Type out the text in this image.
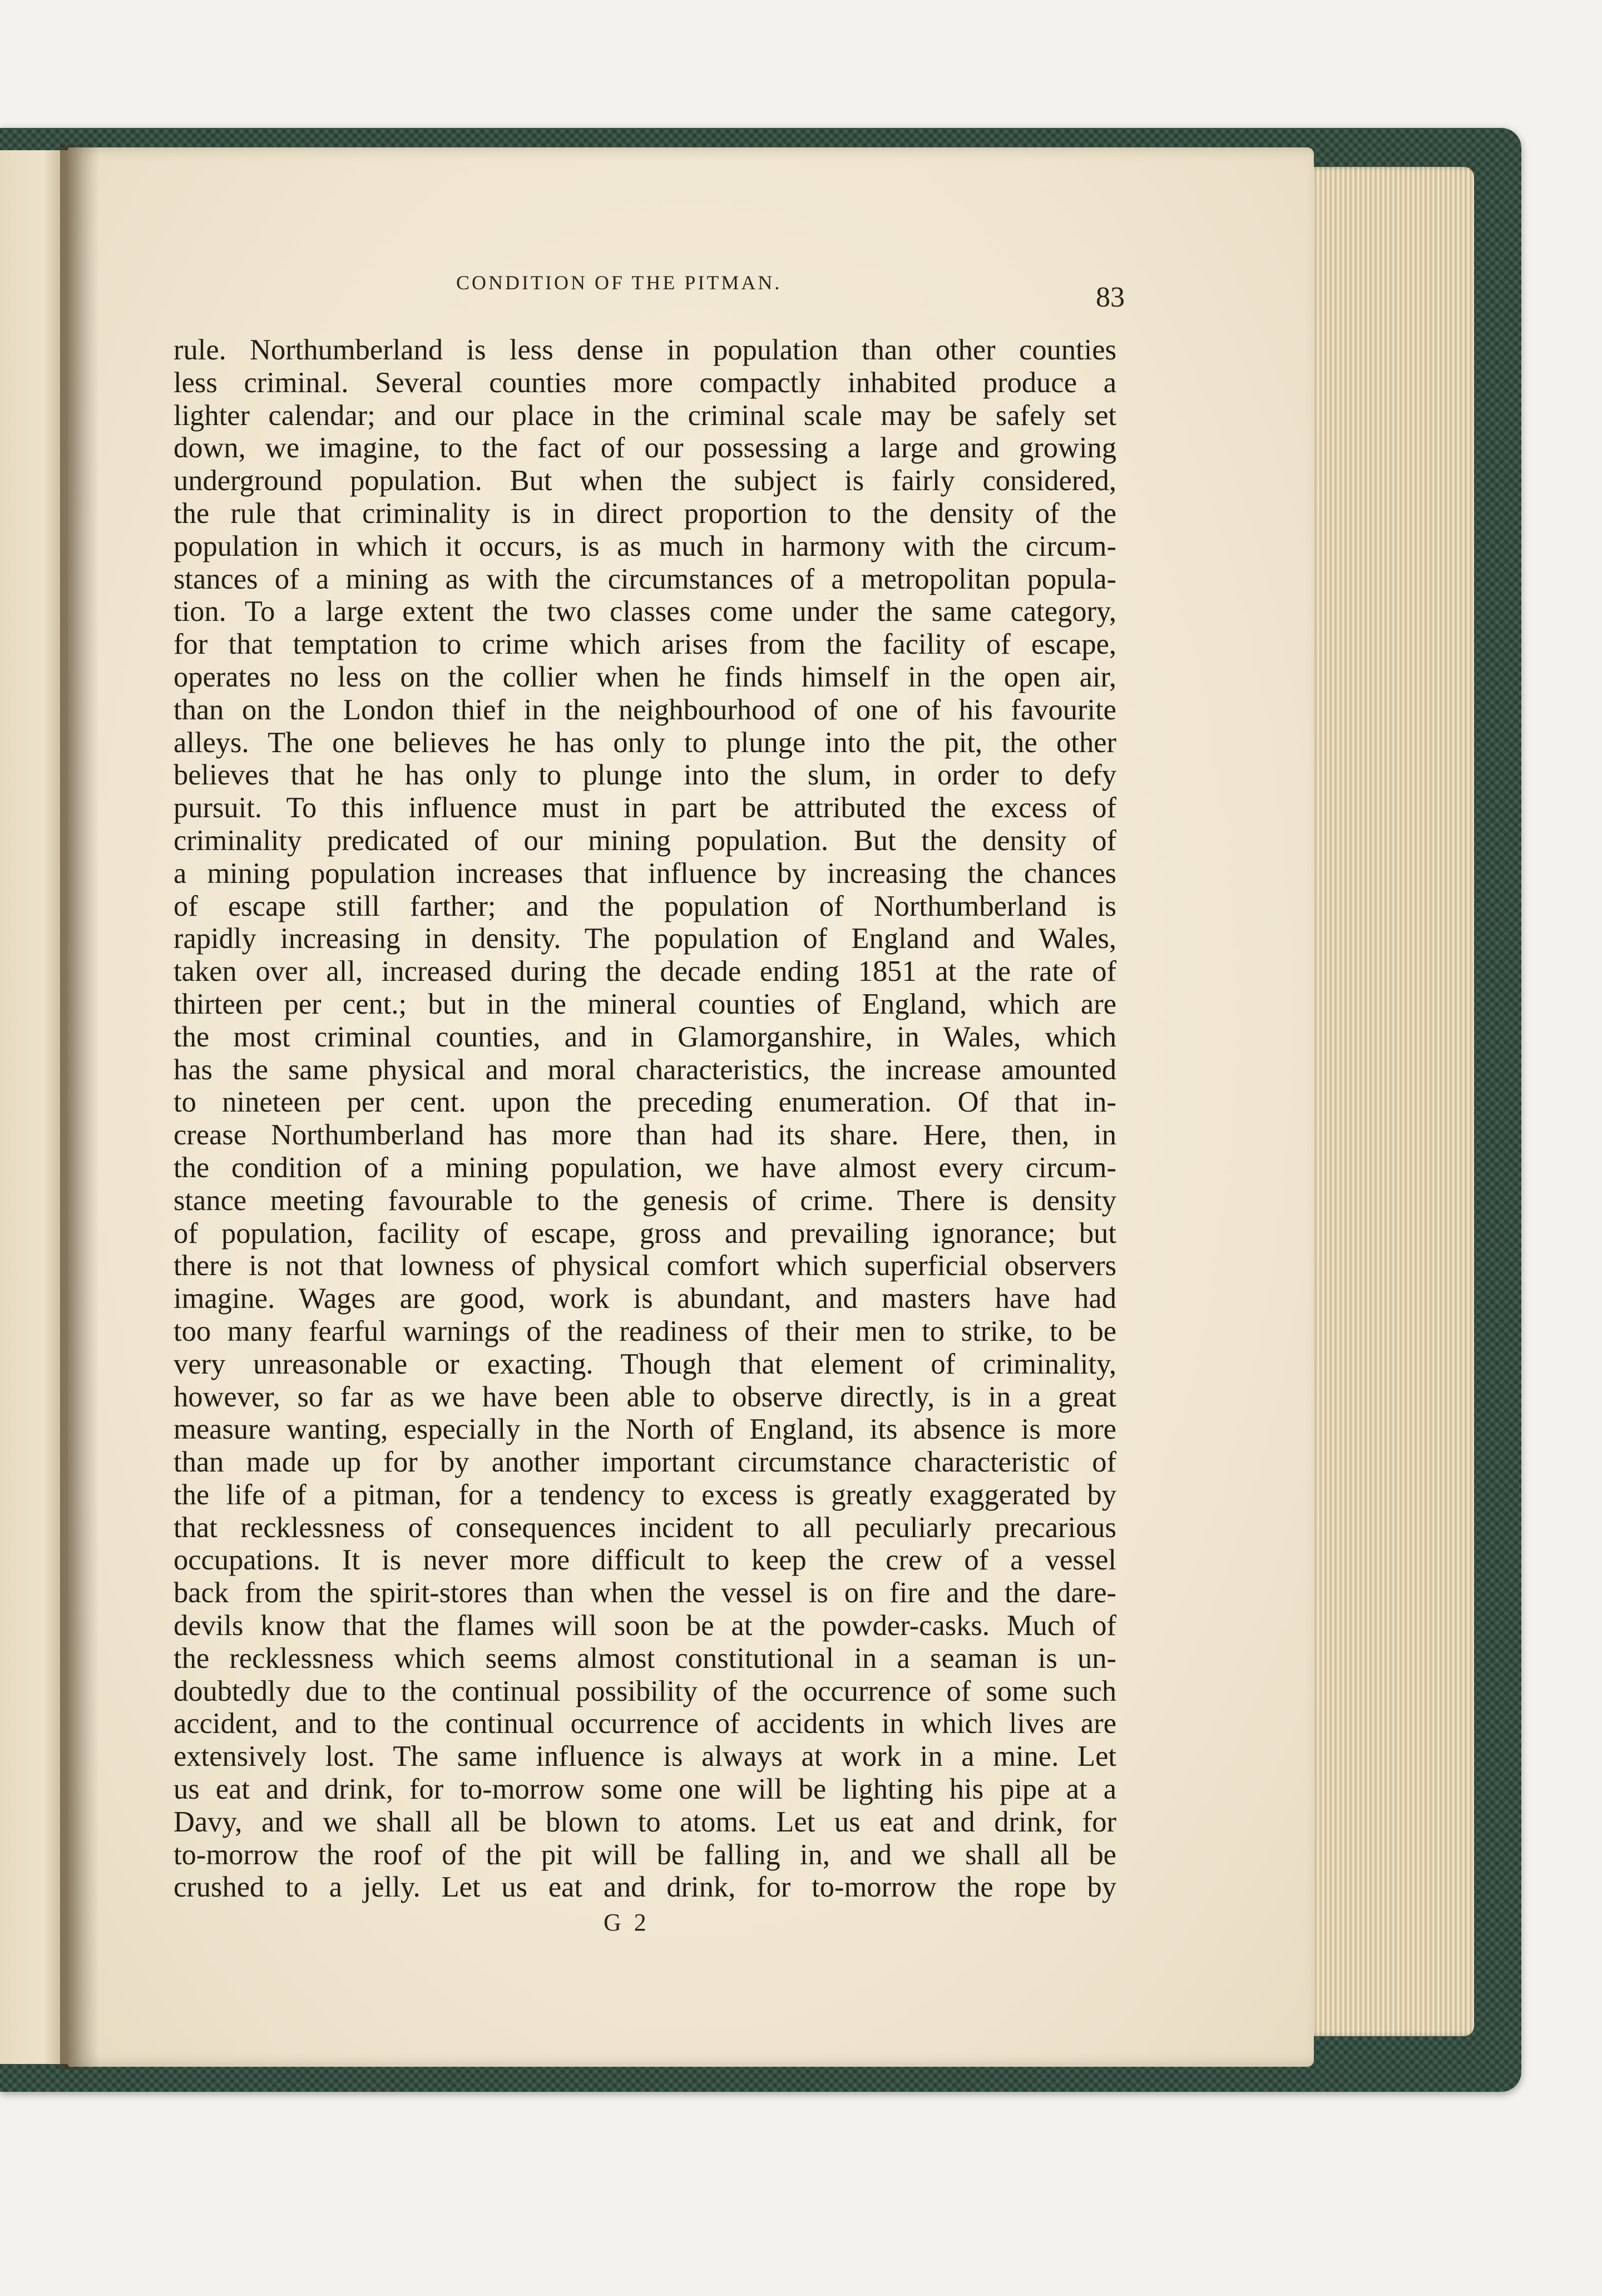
CONDITION OF THE PITMAN.	83
rule. Northumberland is less dense in population than other counties
less criminal. Several counties more compactly inhabited produce a
lighter calendar; and our place in the criminal scale may be safely set
down, we imagine, to the fact of our possessing a large and growing
underground population. But when the subject is fairly considered,
the rule that criminality is in direct proportion to the density of the
population in which it occurs, is as much in harmony with the circum-
stances of a mining as with the circumstances of a metropolitan popula-
tion. To a large extent the two classes come under the same category,
for that temptation to crime which arises from the facility of escape,
operates no less on the collier when he finds himself in the open air,
than on the London thief in the neighbourhood of one of his favourite
alleys. The one believes he has only to plunge into the pit, the other
believes that he has only to plunge into the slum, in order to defy
pursuit. To this influence must in part be attributed the excess of
criminality predicated of our mining population. But the density of
a mining population increases that influence by increasing the chances
of escape still farther; and the population of Northumberland is
rapidly increasing in density. The population of England and Wales,
taken over all, increased during the decade ending 1851 at the rate of
thirteen per cent.; but in the mineral counties of England, which are
the most criminal counties, and in Glamorganshire, in Wales, which
has the same physical and moral characteristics, the increase amounted
to nineteen per cent. upon the preceding enumeration. Of that in-
crease Northumberland has more than had its share. Here, then, in
the condition of a mining population, we have almost every circum-
stance meeting favourable to the genesis of crime. There is density
of population, facility of escape, gross and prevailing ignorance; but
there is not that lowness of physical comfort which superficial observers
imagine. Wages are good, work is abundant, and masters have had
too many fearful warnings of the readiness of their men to strike, to be
very unreasonable or exacting. Though that element of criminality,
however, so far as we have been able to observe directly, is in a great
measure wanting, especially in the North of England, its absence is more
than made up for by another important circumstance characteristic of
the life of a pitman, for a tendency to excess is greatly exaggerated by
that recklessness of consequences incident to all peculiarly precarious
occupations. It is never more difficult to keep the crew of a vessel
back from the spirit-stores than when the vessel is on fire and the dare-
devils know that the flames will soon be at the powder-casks. Much of
the recklessness which seems almost constitutional in a seaman is un-
doubtedly due to the continual possibility of the occurrence of some such
accident, and to the continual occurrence of accidents in which lives are
extensively lost. The same influence is always at work in a mine. Let
us eat and drink, for to-morrow some one will be lighting his pipe at a
Davy, and we shall all be blown to atoms. Let us eat and drink, for
to-morrow the roof of the pit will be falling in, and we shall all be
crushed to a jelly. Let us eat and drink, for to-morrow the rope by
G 2
